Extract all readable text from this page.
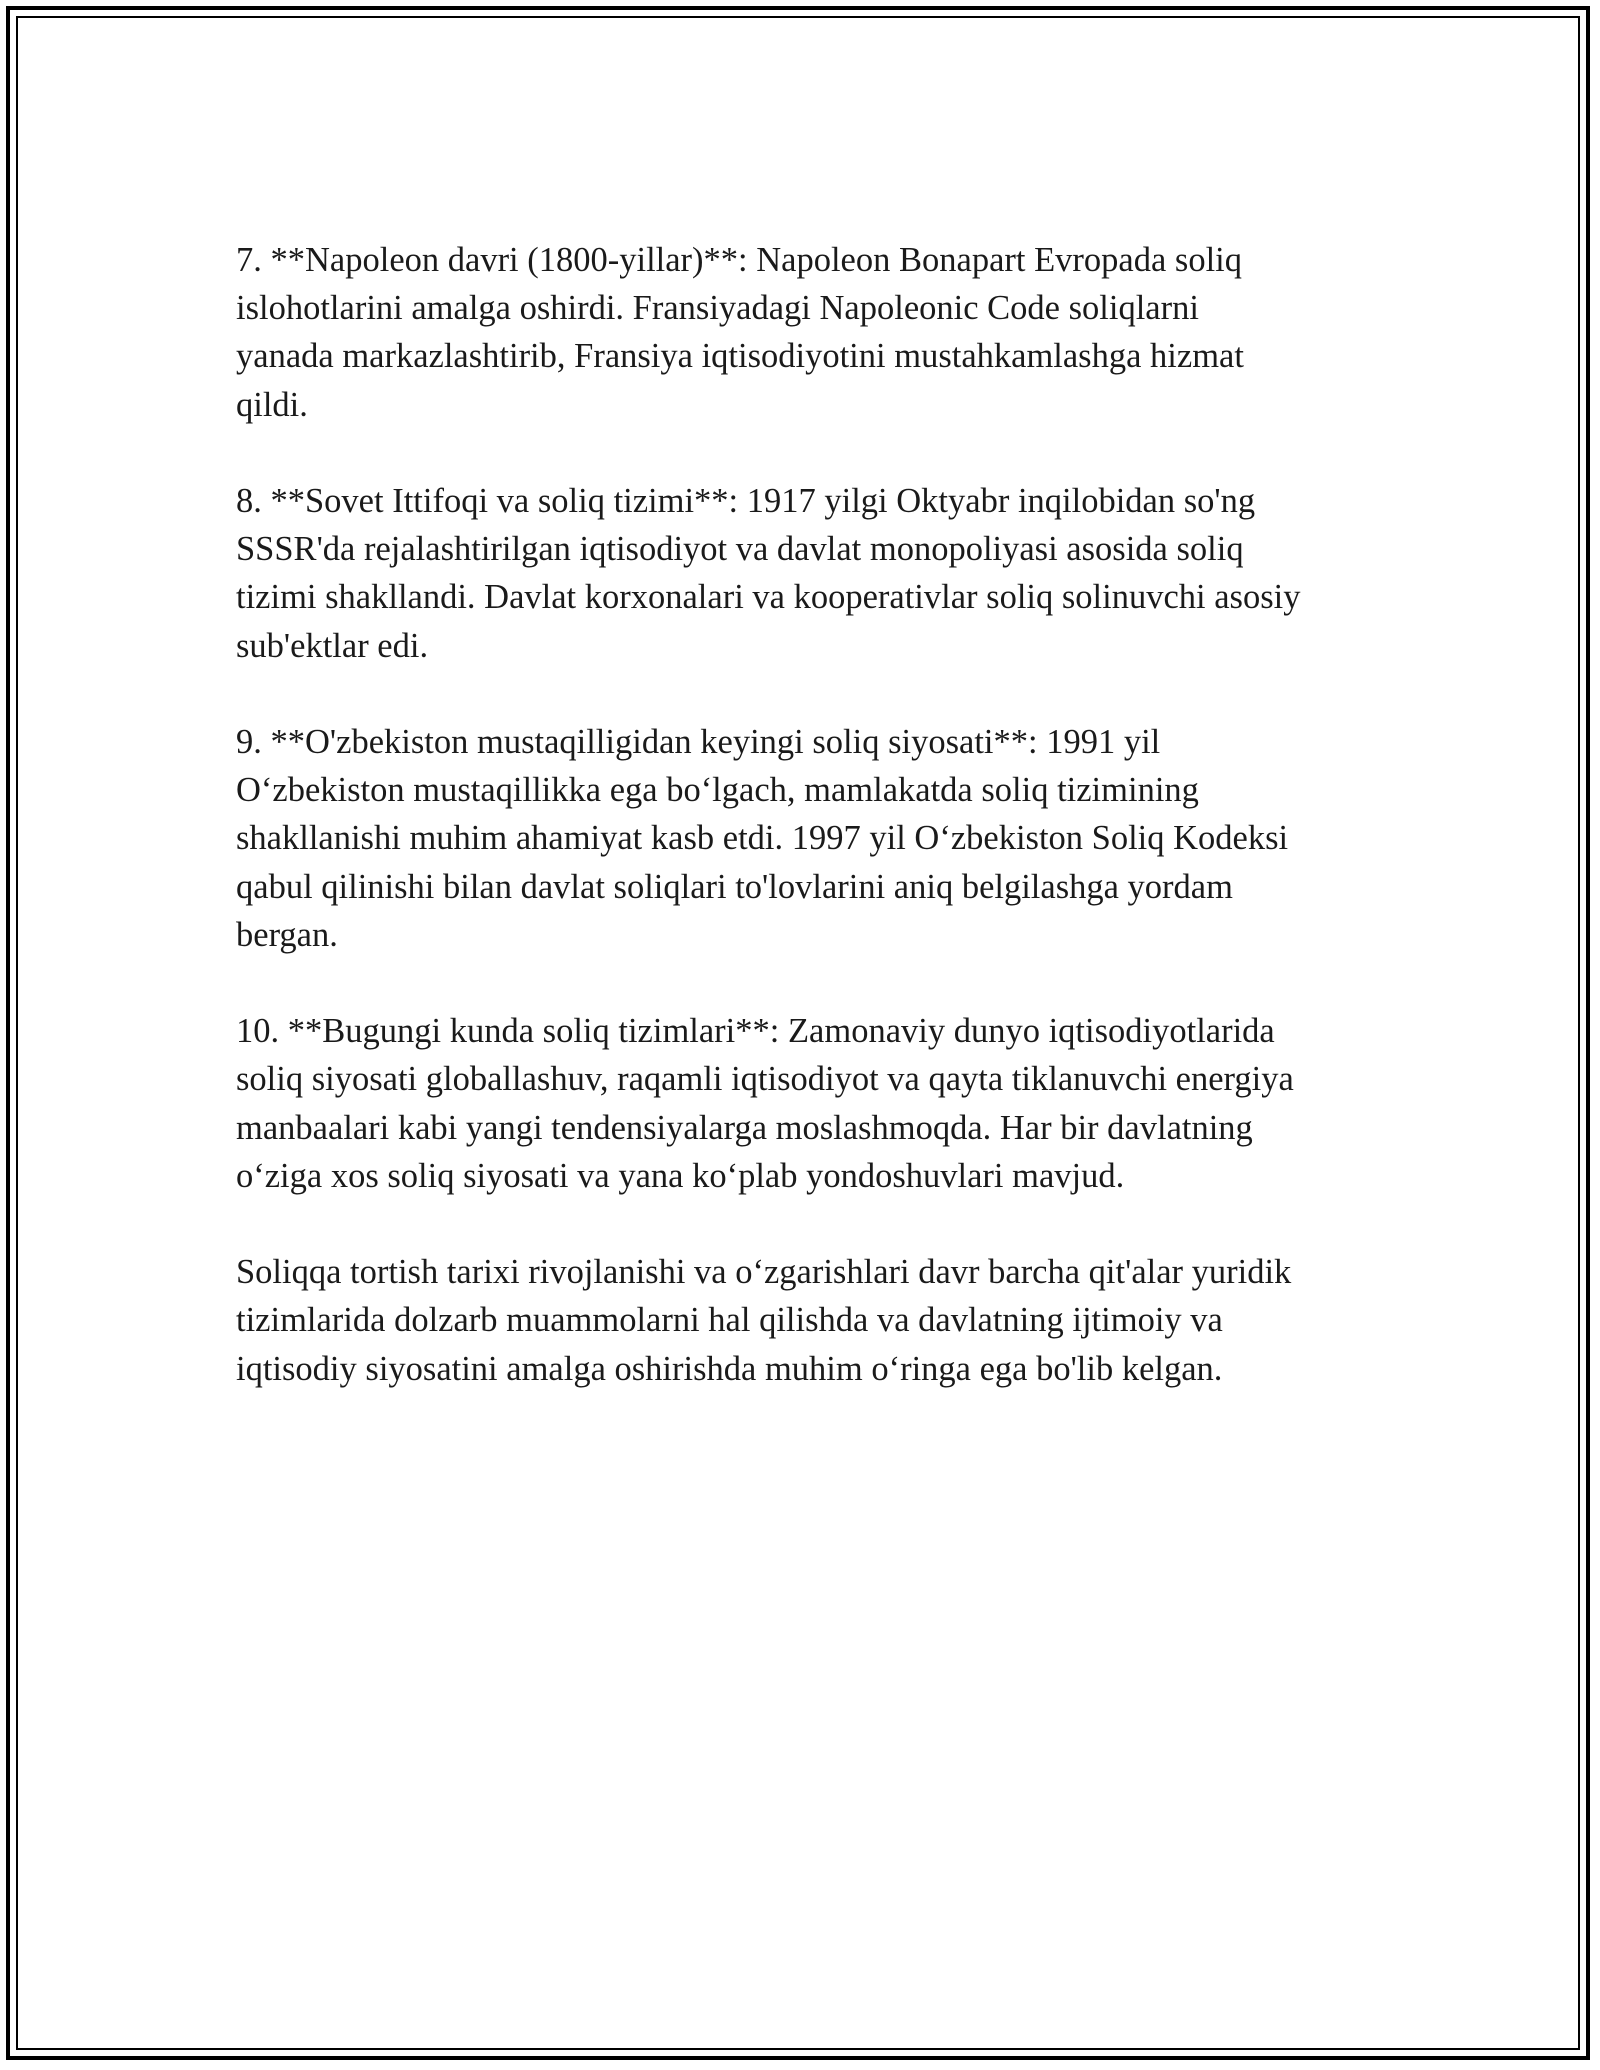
7. **Napoleon davri (1800-yillar)**: Napoleon Bonapart Evropada soliq
islohotlarini amalga oshirdi. Fransiyadagi Napoleonic Code soliqlarni
yanada markazlashtirib, Fransiya iqtisodiyotini mustahkamlashga hizmat
qildi.

8. **Sovet Ittifoqi va soliq tizimi**: 1917 yilgi Oktyabr inqilobidan so'ng
SSSR'da rejalashtirilgan iqtisodiyot va davlat monopoliyasi asosida soliq
tizimi shakllandi. Davlat korxonalari va kooperativlar soliq solinuvchi asosiy
sub'ektlar edi.

9. **O'zbekiston mustaqilligidan keyingi soliq siyosati**: 1991 yil
O‘zbekiston mustaqillikka ega bo‘lgach, mamlakatda soliq tizimining
shakllanishi muhim ahamiyat kasb etdi. 1997 yil O‘zbekiston Soliq Kodeksi
qabul qilinishi bilan davlat soliqlari to'lovlarini aniq belgilashga yordam
bergan.

10. **Bugungi kunda soliq tizimlari**: Zamonaviy dunyo iqtisodiyotlarida
soliq siyosati globallashuv, raqamli iqtisodiyot va qayta tiklanuvchi energiya
manbaalari kabi yangi tendensiyalarga moslashmoqda. Har bir davlatning
o‘ziga xos soliq siyosati va yana ko‘plab yondoshuvlari mavjud.

Soliqqa tortish tarixi rivojlanishi va o‘zgarishlari davr barcha qit'alar yuridik
tizimlarida dolzarb muammolarni hal qilishda va davlatning ijtimoiy va
iqtisodiy siyosatini amalga oshirishda muhim o‘ringa ega bo'lib kelgan.
